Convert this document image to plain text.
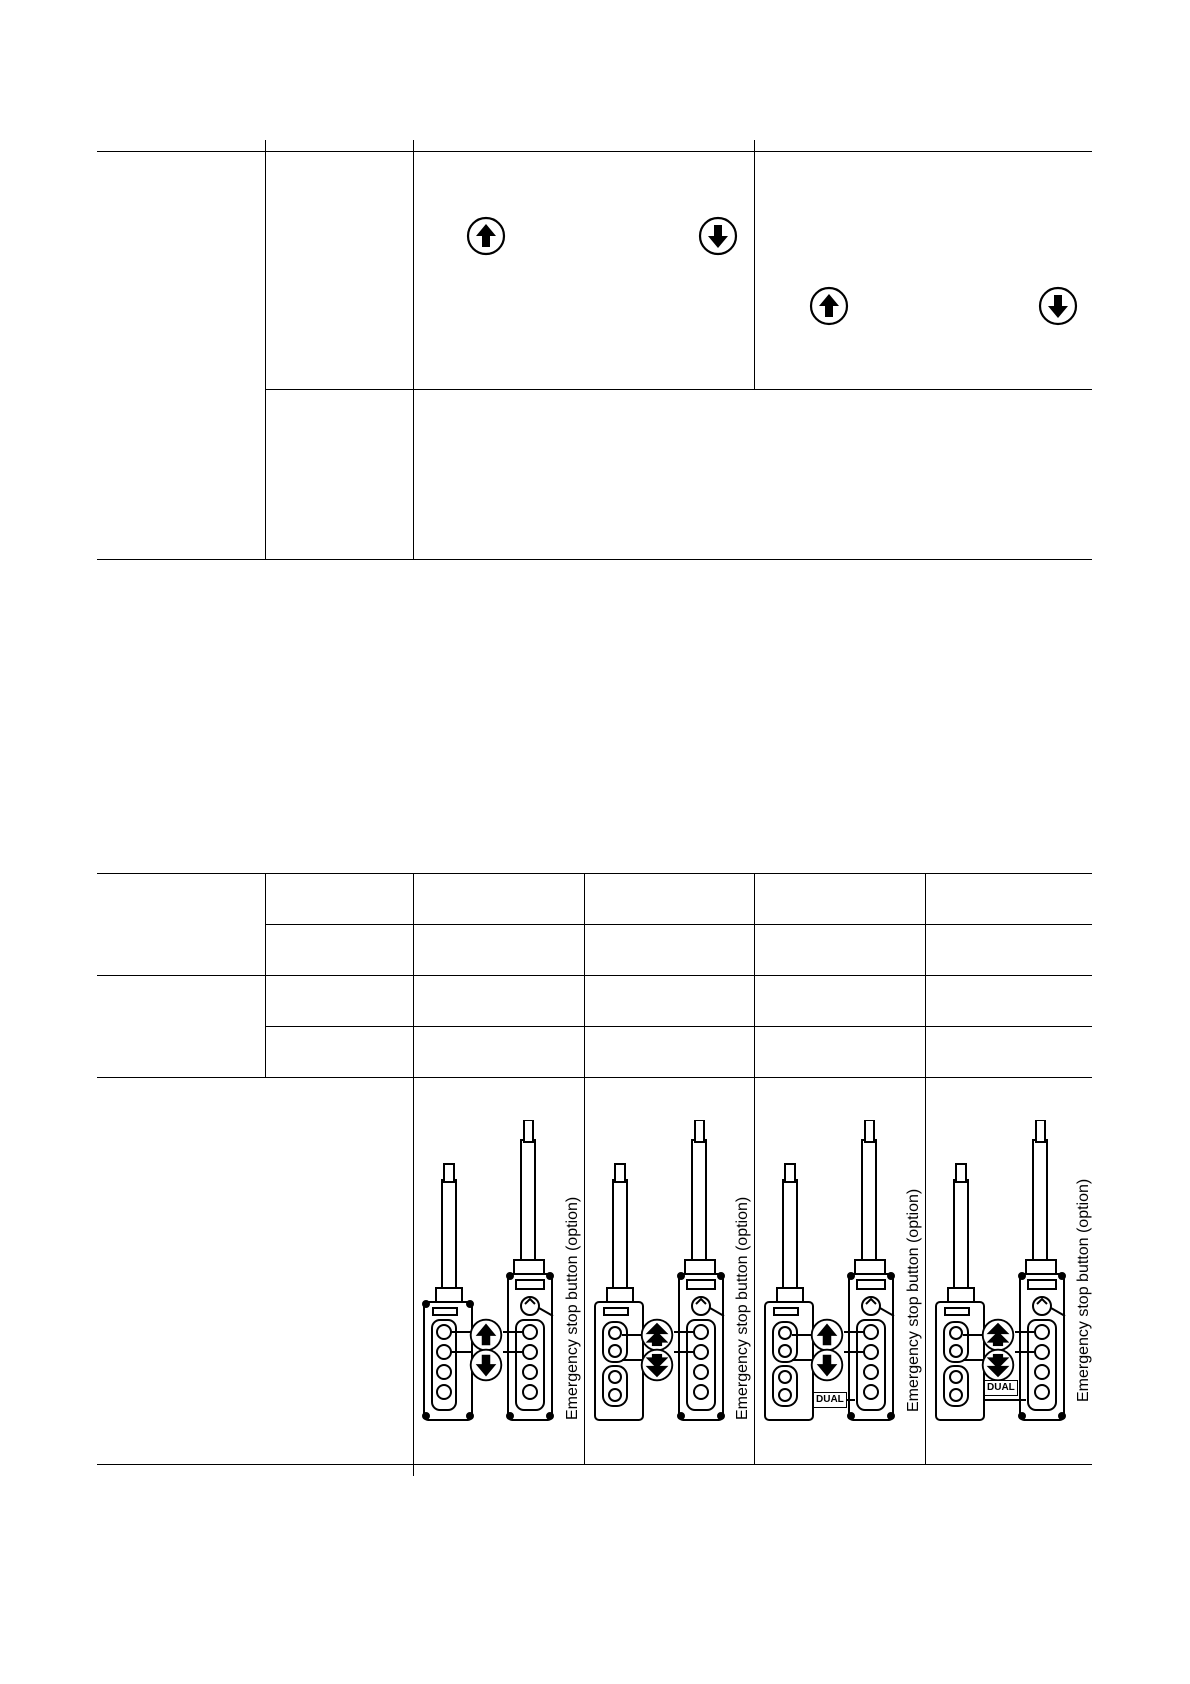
DUAL
DUAL
Emergency stop button (option)	Emergency stop button (option)	Emergency stop button (option)	Emergency stop button (option)
